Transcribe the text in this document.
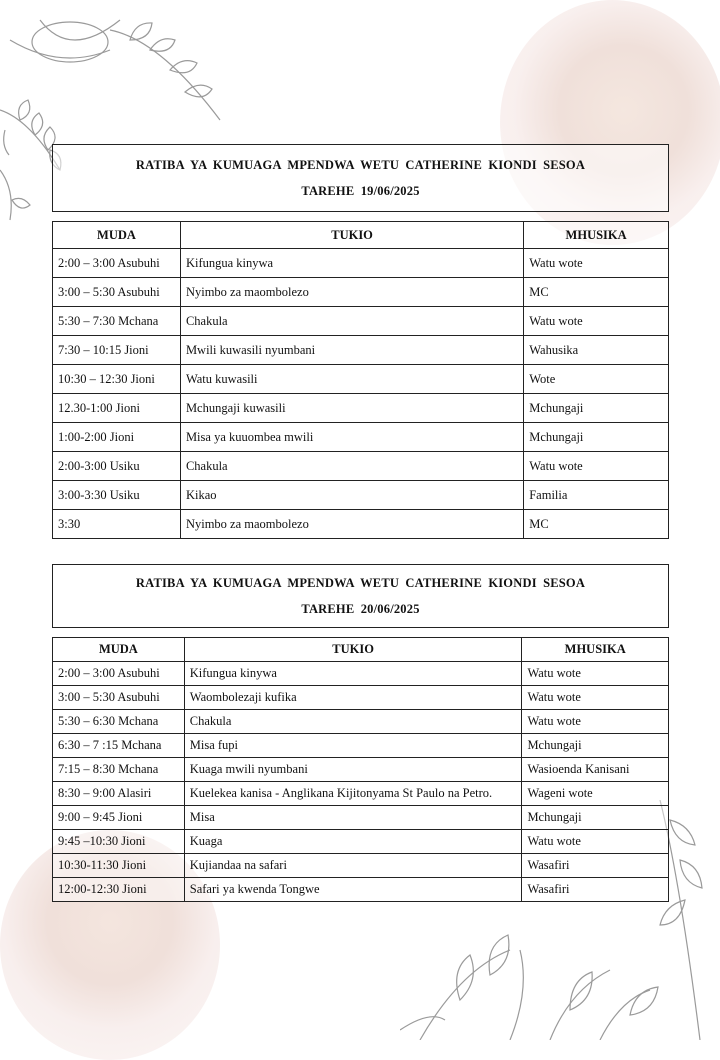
RATIBA YA KUMUAGA MPENDWA WETU CATHERINE KIONDI SESOA
TAREHE 19/06/2025
MUDA	TUKIO	MHUSIKA
2:00 – 3:00 Asubuhi	Kifungua kinywa	Watu wote
3:00 – 5:30 Asubuhi	Nyimbo za maombolezo	MC
5:30 – 7:30 Mchana	Chakula	Watu wote
7:30 – 10:15 Jioni	Mwili kuwasili nyumbani	Wahusika
10:30 – 12:30 Jioni	Watu kuwasili	Wote
12.30-1:00 Jioni	Mchungaji kuwasili	Mchungaji
1:00-2:00 Jioni	Misa ya kuuombea mwili	Mchungaji
2:00-3:00 Usiku	Chakula	Watu wote
3:00-3:30 Usiku	Kikao	Familia
3:30	Nyimbo za maombolezo	MC
RATIBA YA KUMUAGA MPENDWA WETU CATHERINE KIONDI SESOA
TAREHE 20/06/2025
MUDA	TUKIO	MHUSIKA
2:00 – 3:00 Asubuhi	Kifungua kinywa	Watu wote
3:00 – 5:30 Asubuhi	Waombolezaji kufika	Watu wote
5:30 – 6:30 Mchana	Chakula	Watu wote
6:30 – 7 :15 Mchana	Misa fupi	Mchungaji
7:15 – 8:30 Mchana	Kuaga mwili nyumbani	Wasioenda Kanisani
8:30 – 9:00 Alasiri	Kuelekea kanisa - Anglikana Kijitonyama St Paulo na Petro.	Wageni wote
9:00 – 9:45 Jioni	Misa	Mchungaji
9:45 –10:30 Jioni	Kuaga	Watu wote
10:30-11:30 Jioni	Kujiandaa na safari	Wasafiri
12:00-12:30 Jioni	Safari ya kwenda Tongwe	Wasafiri
